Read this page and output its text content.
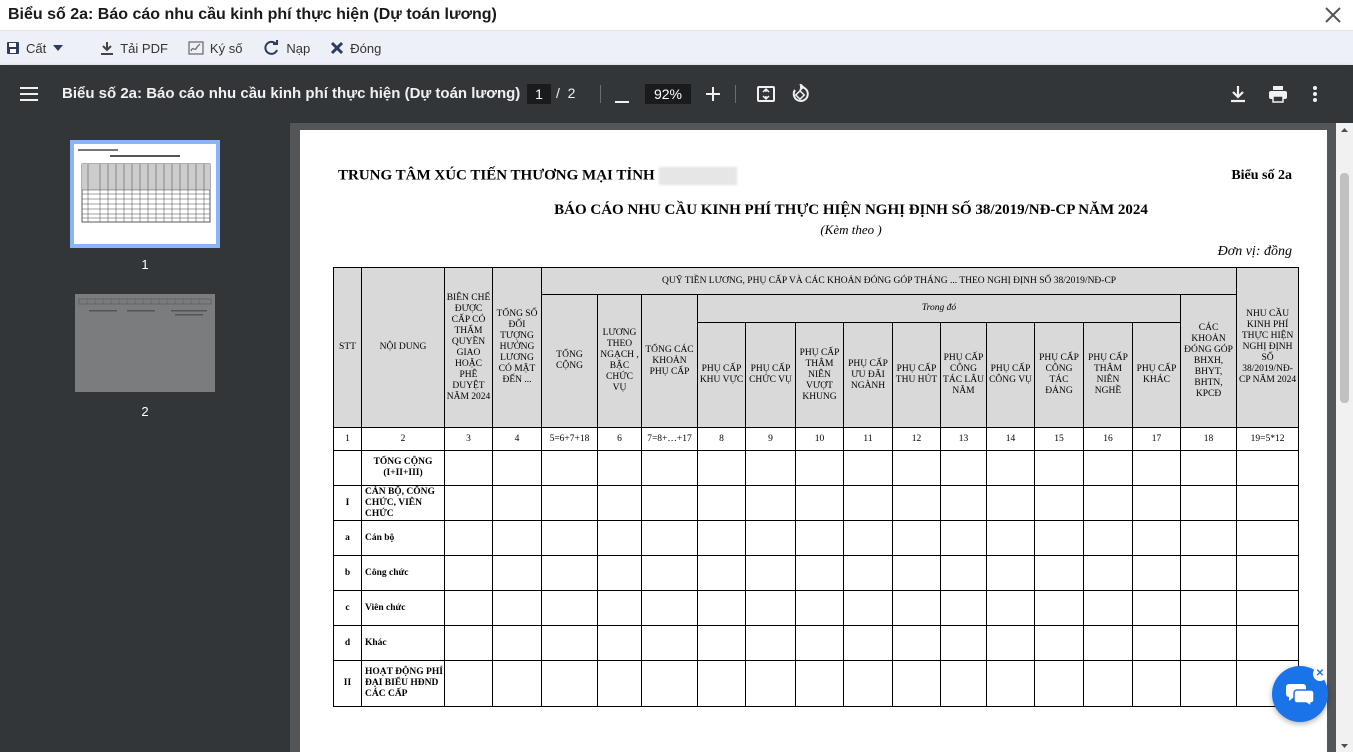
Biểu số 2a: Báo cáo nhu cầu kinh phí thực hiện (Dự toán lương)
Cất	Tải PDF	Ký số	Nạp	Đóng
Biểu số 2a: Báo cáo nhu cầu kinh phí thực hiện (Dự toán lương)	1 / 2	92%
1
2
TRUNG TÂM XÚC TIẾN THƯƠNG MẠI TỈNH	Biểu số 2a
BÁO CÁO NHU CẦU KINH PHÍ THỰC HIỆN NGHỊ ĐỊNH SỐ 38/2019/NĐ-CP NĂM 2024
(Kèm theo )
Đơn vị: đồng
STT	NỘI DUNG	BIÊN CHẾ ĐƯỢC CẤP CÓ THẨM QUYỀN GIAO HOẶC PHÊ DUYỆT NĂM 2024	TỔNG SỐ ĐỐI TƯỢNG HƯỞNG LƯƠNG CÓ MẶT ĐẾN ...	QUỸ TIỀN LƯƠNG, PHỤ CẤP VÀ CÁC KHOẢN ĐÓNG GÓP THÁNG ... THEO NGHỊ ĐỊNH SỐ 38/2019/NĐ-CP														NHU CẦU KINH PHÍ THỰC HIỆN NGHỊ ĐỊNH SỐ 38/2019/NĐ-CP NĂM 2024
				TỔNG CỘNG	LƯƠNG THEO NGẠCH , BẬC CHỨC VỤ	TỔNG CÁC KHOẢN PHỤ CẤP	Trong đó										CÁC KHOẢN ĐÓNG GÓP BHXH, BHYT, BHTN, KPCĐ	
							PHỤ CẤP KHU VỰC	PHỤ CẤP CHỨC VỤ	PHỤ CẤP THÂM NIÊN VƯỢT KHUNG	PHỤ CẤP ƯU ĐÃI NGÀNH	PHỤ CẤP THU HÚT	PHỤ CẤP CÔNG TÁC LÂU NĂM	PHỤ CẤP CÔNG VỤ	PHỤ CẤP CÔNG TÁC ĐẢNG	PHỤ CẤP THÂM NIÊN NGHỀ	PHỤ CẤP KHÁC		
1	2	3	4	5=6+7+18	6	7=8+…+17	8	9	10	11	12	13	14	15	16	17	18	19=5*12
	TỔNG CỘNG (I+II+III)																	
I	CÁN BỘ, CÔNG CHỨC, VIÊN CHỨC																	
a	Cán bộ																	
b	Công chức																	
c	Viên chức																	
d	Khác																	
II	HOẠT ĐỘNG PHÍ ĐẠI BIỂU HĐND CÁC CẤP																	
✕
